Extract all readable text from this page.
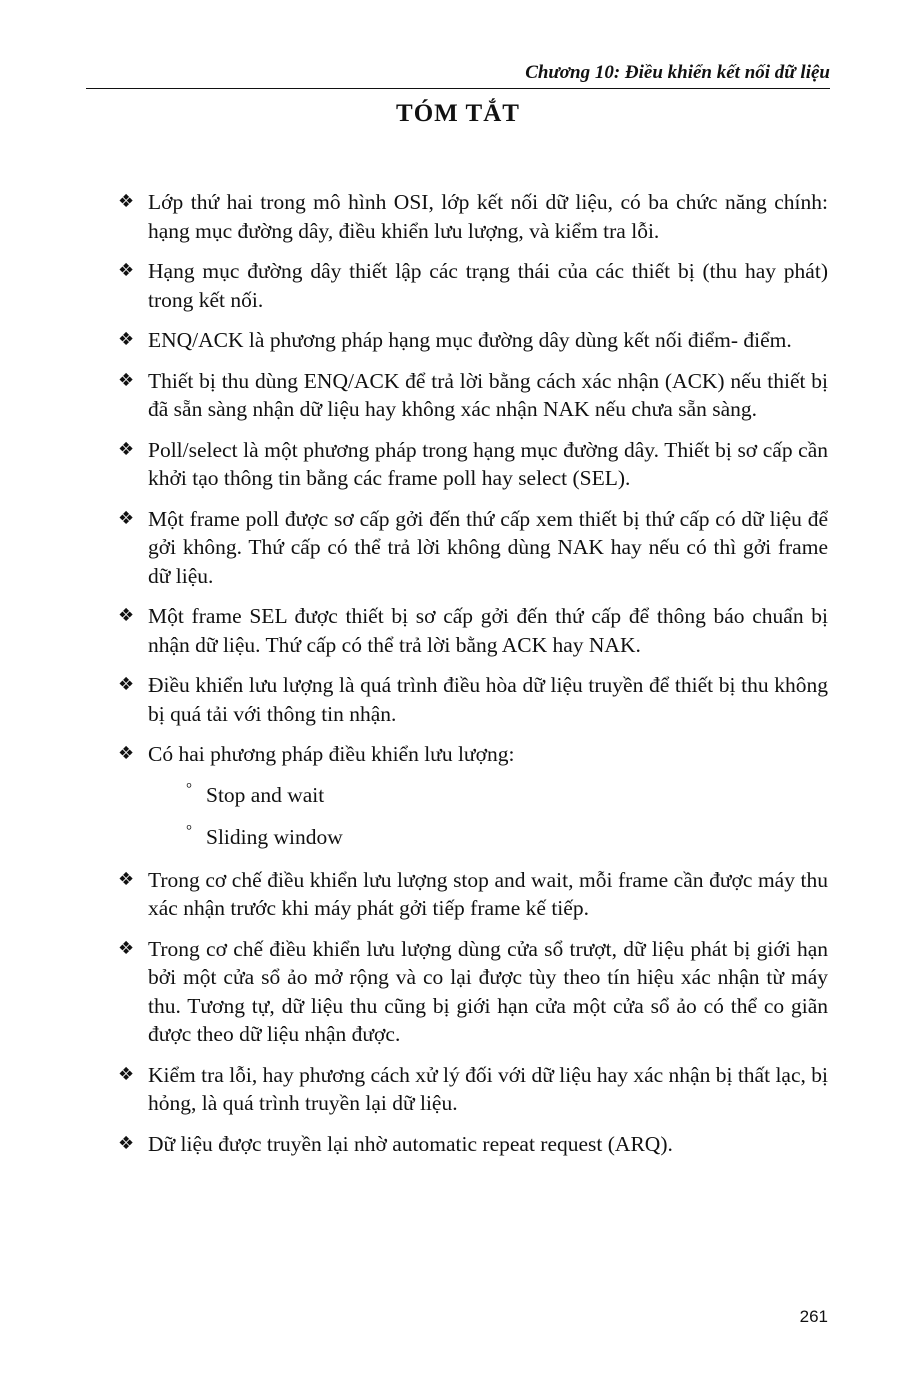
Chương 10: Điều khiển kết nối dữ liệu
TÓM TẮT
❖ Lớp thứ hai trong mô hình OSI, lớp kết nối dữ liệu, có ba chức năng chính: hạng mục đường dây, điều khiển lưu lượng, và kiểm tra lỗi.
❖ Hạng mục đường dây thiết lập các trạng thái của các thiết bị (thu hay phát) trong kết nối.
❖ ENQ/ACK là phương pháp hạng mục đường dây dùng kết nối điểm- điểm.
❖ Thiết bị thu dùng ENQ/ACK để trả lời bằng cách xác nhận (ACK) nếu thiết bị đã sẵn sàng nhận dữ liệu hay không xác nhận NAK nếu chưa sẵn sàng.
❖ Poll/select là một phương pháp trong hạng mục đường dây. Thiết bị sơ cấp cần khởi tạo thông tin bằng các frame poll hay select (SEL).
❖ Một frame poll được sơ cấp gởi đến thứ cấp xem thiết bị thứ cấp có dữ liệu để gởi không. Thứ cấp có thể trả lời không dùng NAK hay nếu có thì gởi frame dữ liệu.
❖ Một frame SEL được thiết bị sơ cấp gởi đến thứ cấp để thông báo chuẩn bị nhận dữ liệu. Thứ cấp có thể trả lời bằng ACK hay NAK.
❖ Điều khiển lưu lượng là quá trình điều hòa dữ liệu truyền để thiết bị thu không bị quá tải với thông tin nhận.
❖ Có hai phương pháp điều khiển lưu lượng:
° Stop and wait
° Sliding window
❖ Trong cơ chế điều khiển lưu lượng stop and wait, mỗi frame cần được máy thu xác nhận trước khi máy phát gởi tiếp frame kế tiếp.
❖ Trong cơ chế điều khiển lưu lượng dùng cửa sổ trượt, dữ liệu phát bị giới hạn bởi một cửa sổ ảo mở rộng và co lại được tùy theo tín hiệu xác nhận từ máy thu. Tương tự, dữ liệu thu cũng bị giới hạn cửa một cửa sổ ảo có thể co giãn được theo dữ liệu nhận được.
❖ Kiểm tra lỗi, hay phương cách xử lý đối với dữ liệu hay xác nhận bị thất lạc, bị hỏng, là quá trình truyền lại dữ liệu.
❖ Dữ liệu được truyền lại nhờ automatic repeat request (ARQ).
261
